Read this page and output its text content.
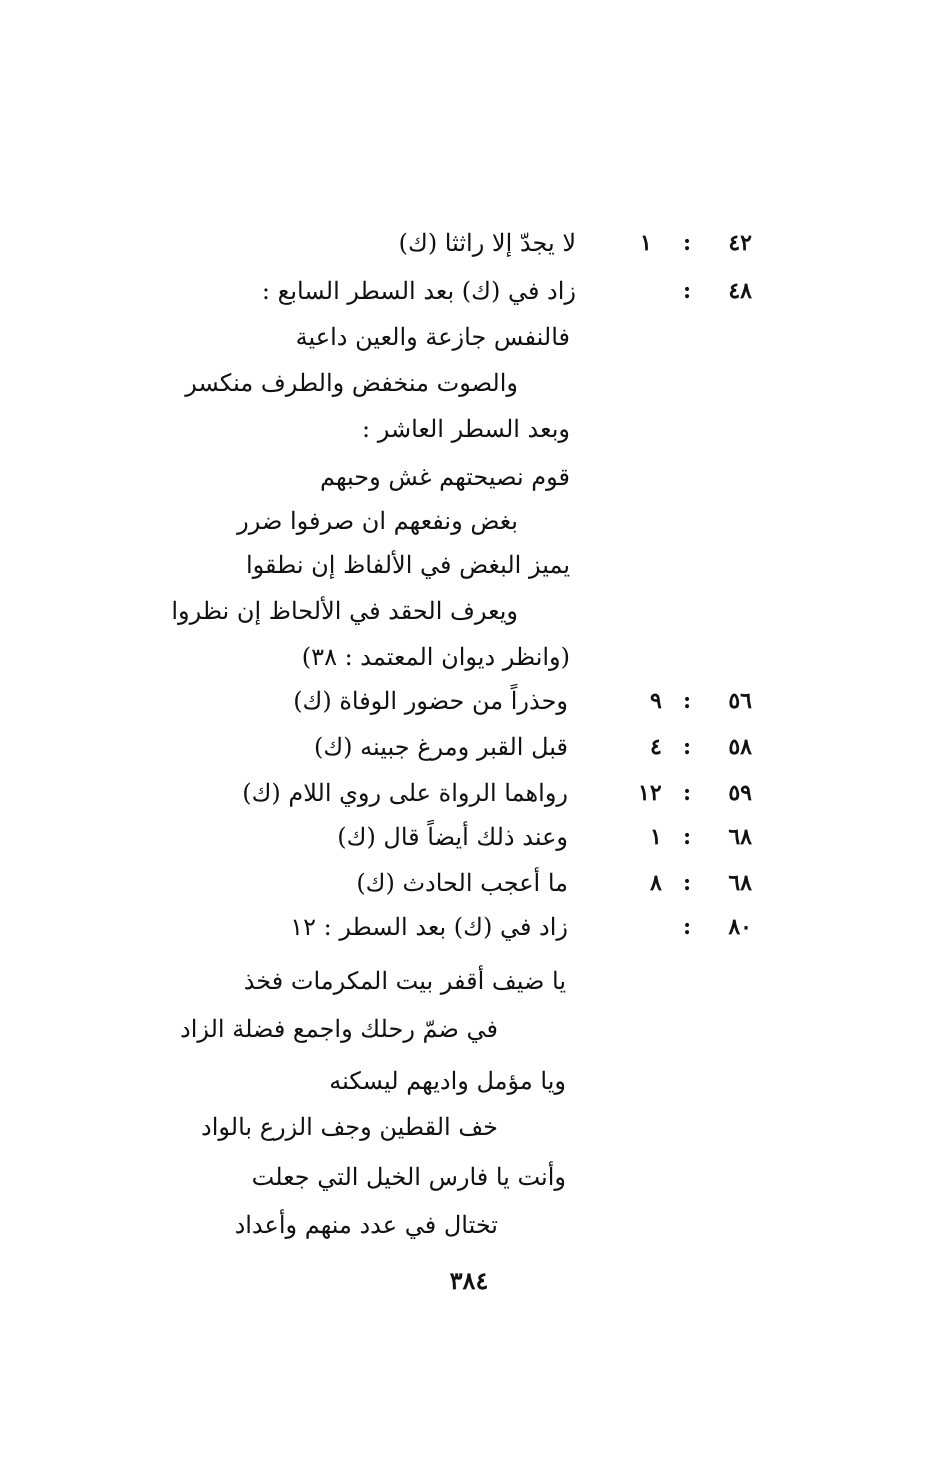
٤٢
:
١
لا يجدّ إلا راثثا (ك)
٤٨
:
زاد في (ك) بعد السطر السابع :
فالنفس جازعة والعين داعية
والصوت منخفض والطرف منكسر
وبعد السطر العاشر :
قوم نصيحتهم غش وحبهم
بغض ونفعهم ان صرفوا ضرر
يميز البغض في الألفاظ إن نطقوا
ويعرف الحقد في الألحاظ إن نظروا
(وانظر ديوان المعتمد : ٣٨)
٥٦
:
٩
وحذراً من حضور الوفاة (ك)
٥٨
:
٤
قبل القبر ومرغ جبينه (ك)
٥٩
:
١٢
رواهما الرواة على روي اللام (ك)
٦٨
:
١
وعند ذلك أيضاً قال (ك)
٦٨
:
٨
ما أعجب الحادث (ك)
٨٠
:
زاد في (ك) بعد السطر : ١٢
يا ضيف أقفر بيت المكرمات فخذ
في ضمّ رحلك واجمع فضلة الزاد
ويا مؤمل واديهم ليسكنه
خف القطين وجف الزرع بالواد
وأنت يا فارس الخيل التي جعلت
تختال في عدد منهم وأعداد
٣٨٤
